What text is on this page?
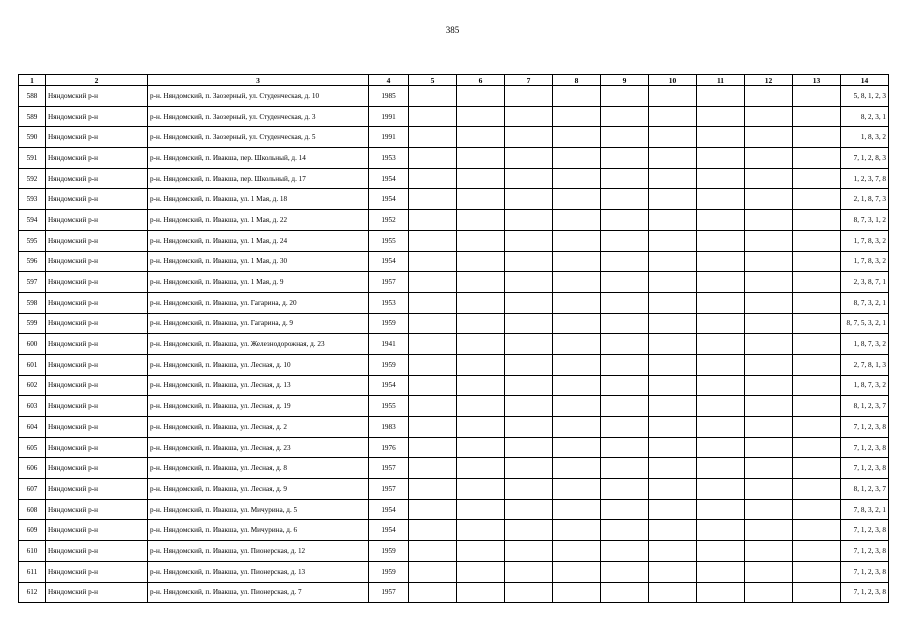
385
1	2	3	4	5	6	7	8	9	10	11	12	13	14
588	Няндомский р-н	р-н. Няндомский, п. Заозерный, ул. Студенческая, д. 10	1985										5, 8, 1, 2, 3
589	Няндомский р-н	р-н. Няндомский, п. Заозерный, ул. Студенческая, д. 3	1991										8, 2, 3, 1
590	Няндомский р-н	р-н. Няндомский, п. Заозерный, ул. Студенческая, д. 5	1991										1, 8, 3, 2
591	Няндомский р-н	р-н. Няндомский, п. Ивакша, пер. Школьный, д. 14	1953										7, 1, 2, 8, 3
592	Няндомский р-н	р-н. Няндомский, п. Ивакша, пер. Школьный, д. 17	1954										1, 2, 3, 7, 8
593	Няндомский р-н	р-н. Няндомский, п. Ивакша, ул. 1 Мая, д. 18	1954										2, 1, 8, 7, 3
594	Няндомский р-н	р-н. Няндомский, п. Ивакша, ул. 1 Мая, д. 22	1952										8, 7, 3, 1, 2
595	Няндомский р-н	р-н. Няндомский, п. Ивакша, ул. 1 Мая, д. 24	1955										1, 7, 8, 3, 2
596	Няндомский р-н	р-н. Няндомский, п. Ивакша, ул. 1 Мая, д. 30	1954										1, 7, 8, 3, 2
597	Няндомский р-н	р-н. Няндомский, п. Ивакша, ул. 1 Мая, д. 9	1957										2, 3, 8, 7, 1
598	Няндомский р-н	р-н. Няндомский, п. Ивакша, ул. Гагарина, д. 20	1953										8, 7, 3, 2, 1
599	Няндомский р-н	р-н. Няндомский, п. Ивакша, ул. Гагарина, д. 9	1959										8, 7, 5, 3, 2, 1
600	Няндомский р-н	р-н. Няндомский, п. Ивакша, ул. Железнодорожная, д. 23	1941										1, 8, 7, 3, 2
601	Няндомский р-н	р-н. Няндомский, п. Ивакша, ул. Лесная, д. 10	1959										2, 7, 8, 1, 3
602	Няндомский р-н	р-н. Няндомский, п. Ивакша, ул. Лесная, д. 13	1954										1, 8, 7, 3, 2
603	Няндомский р-н	р-н. Няндомский, п. Ивакша, ул. Лесная, д. 19	1955										8, 1, 2, 3, 7
604	Няндомский р-н	р-н. Няндомский, п. Ивакша, ул. Лесная, д. 2	1983										7, 1, 2, 3, 8
605	Няндомский р-н	р-н. Няндомский, п. Ивакша, ул. Лесная, д. 23	1976										7, 1, 2, 3, 8
606	Няндомский р-н	р-н. Няндомский, п. Ивакша, ул. Лесная, д. 8	1957										7, 1, 2, 3, 8
607	Няндомский р-н	р-н. Няндомский, п. Ивакша, ул. Лесная, д. 9	1957										8, 1, 2, 3, 7
608	Няндомский р-н	р-н. Няндомский, п. Ивакша, ул. Мичурина, д. 5	1954										7, 8, 3, 2, 1
609	Няндомский р-н	р-н. Няндомский, п. Ивакша, ул. Мичурина, д. 6	1954										7, 1, 2, 3, 8
610	Няндомский р-н	р-н. Няндомский, п. Ивакша, ул. Пионерская, д. 12	1959										7, 1, 2, 3, 8
611	Няндомский р-н	р-н. Няндомский, п. Ивакша, ул. Пионерская, д. 13	1959										7, 1, 2, 3, 8
612	Няндомский р-н	р-н. Няндомский, п. Ивакша, ул. Пионерская, д. 7	1957										7, 1, 2, 3, 8
